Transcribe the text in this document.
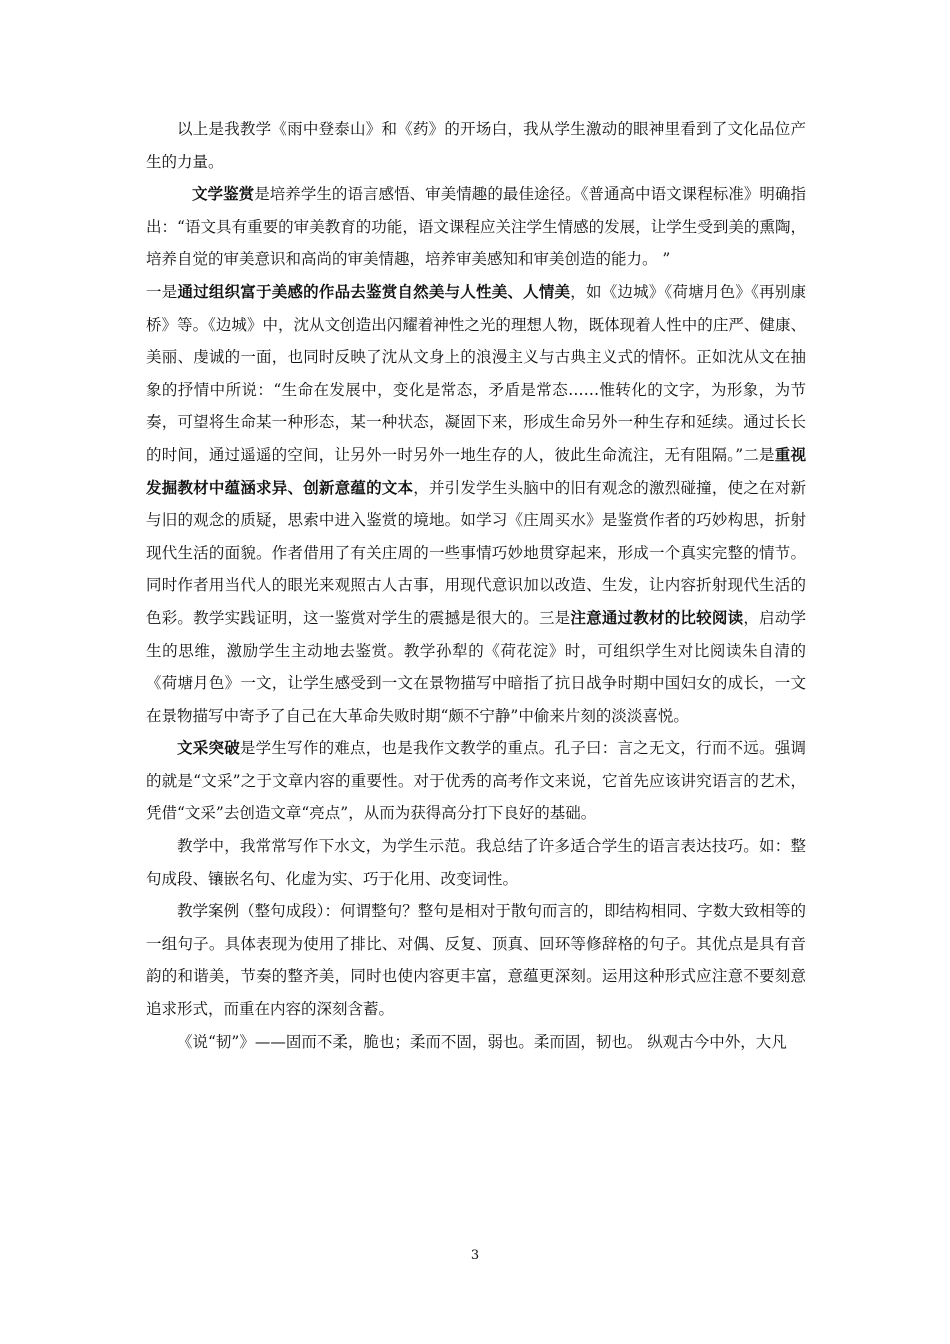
以上是我教学《雨中登泰山》和《药》的开场白，我从学生激动的眼神里看到了文化品位产生的力量。

文学鉴赏是培养学生的语言感悟、审美情趣的最佳途径。《普通高中语文课程标准》明确指出：“语文具有重要的审美教育的功能，语文课程应关注学生情感的发展，让学生受到美的熏陶，培养自觉的审美意识和高尚的审美情趣，培养审美感知和审美创造的能力。 ”

一是通过组织富于美感的作品去鉴赏自然美与人性美、人情美，如《边城》《荷塘月色》《再别康桥》等。《边城》中，沈从文创造出闪耀着神性之光的理想人物，既体现着人性中的庄严、健康、美丽、虔诚的一面，也同时反映了沈从文身上的浪漫主义与古典主义式的情怀。正如沈从文在抽象的抒情中所说：“生命在发展中，变化是常态，矛盾是常态……惟转化的文字，为形象，为节奏，可望将生命某一种形态，某一种状态，凝固下来，形成生命另外一种生存和延续。通过长长的时间，通过遥遥的空间，让另外一时另外一地生存的人，彼此生命流注，无有阻隔。”二是重视发掘教材中蕴涵求异、创新意蕴的文本，并引发学生头脑中的旧有观念的激烈碰撞，使之在对新与旧的观念的质疑，思索中进入鉴赏的境地。如学习《庄周买水》是鉴赏作者的巧妙构思，折射现代生活的面貌。作者借用了有关庄周的一些事情巧妙地贯穿起来，形成一个真实完整的情节。同时作者用当代人的眼光来观照古人古事，用现代意识加以改造、生发，让内容折射现代生活的色彩。教学实践证明，这一鉴赏对学生的震撼是很大的。三是注意通过教材的比较阅读，启动学生的思维，激励学生主动地去鉴赏。教学孙犁的《荷花淀》时，可组织学生对比阅读朱自清的《荷塘月色》一文，让学生感受到一文在景物描写中暗指了抗日战争时期中国妇女的成长，一文在景物描写中寄予了自己在大革命失败时期“颇不宁静”中偷来片刻的淡淡喜悦。

文采突破是学生写作的难点，也是我作文教学的重点。孔子曰：言之无文，行而不远。强调的就是“文采”之于文章内容的重要性。对于优秀的高考作文来说，它首先应该讲究语言的艺术，凭借“文采”去创造文章“亮点”，从而为获得高分打下良好的基础。

教学中，我常常写作下水文，为学生示范。我总结了许多适合学生的语言表达技巧。如：整句成段、镶嵌名句、化虚为实、巧于化用、改变词性。

教学案例（整句成段）：何谓整句？整句是相对于散句而言的，即结构相同、字数大致相等的一组句子。具体表现为使用了排比、对偶、反复、顶真、回环等修辞格的句子。其优点是具有音韵的和谐美，节奏的整齐美，同时也使内容更丰富，意蕴更深刻。运用这种形式应注意不要刻意追求形式，而重在内容的深刻含蓄。

《说“韧”》——固而不柔，脆也；柔而不固，弱也。柔而固，韧也。 纵观古今中外，大凡

3
